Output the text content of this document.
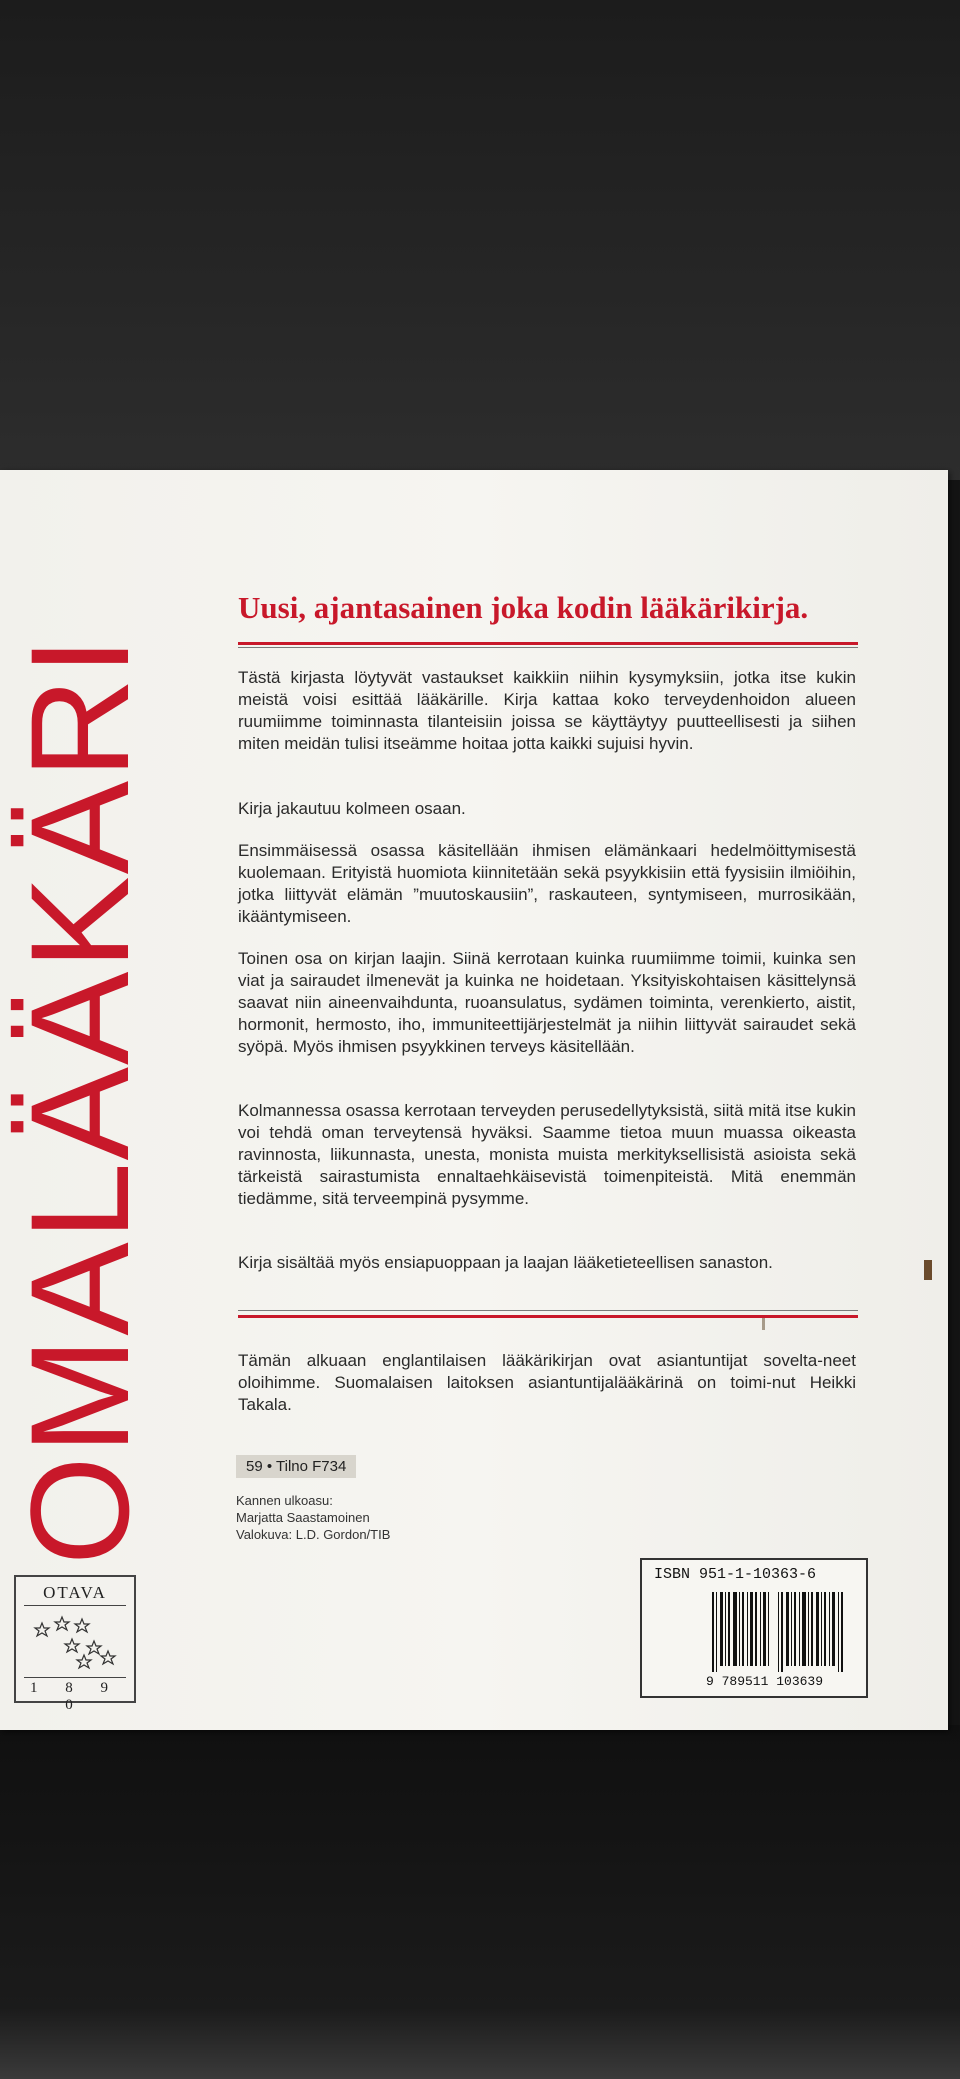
OMALÄÄKÄRI
Uusi, ajantasainen joka kodin lääkärikirja.

Tästä kirjasta löytyvät vastaukset kaikkiin niihin kysymyksiin, jotka itse kukin meistä voisi esittää lääkärille. Kirja kattaa koko terveydenhoidon alueen ruumiimme toiminnasta tilanteisiin joissa se käyttäytyy puutteellisesti ja siihen miten meidän tulisi itseämme hoitaa jotta kaikki sujuisi hyvin.

Kirja jakautuu kolmeen osaan.

Ensimmäisessä osassa käsitellään ihmisen elämänkaari hedelmöittymisestä kuolemaan. Erityistä huomiota kiinnitetään sekä psyykkisiin että fyysisiin ilmiöihin, jotka liittyvät elämän ”muutoskausiin”, raskauteen, syntymiseen, murrosikään, ikääntymiseen.

Toinen osa on kirjan laajin. Siinä kerrotaan kuinka ruumiimme toimii, kuinka sen viat ja sairaudet ilmenevät ja kuinka ne hoidetaan. Yksityiskohtaisen käsittelynsä saavat niin aineenvaihdunta, ruoansulatus, sydämen toiminta, verenkierto, aistit, hormonit, hermosto, iho, immuniteettijärjestelmät ja niihin liittyvät sairaudet sekä syöpä. Myös ihmisen psyykkinen terveys käsitellään.

Kolmannessa osassa kerrotaan terveyden perusedellytyksistä, siitä mitä itse kukin voi tehdä oman terveytensä hyväksi. Saamme tietoa muun muassa oikeasta ravinnosta, liikunnasta, unesta, monista muista merkityksellisistä asioista sekä tärkeistä sairastumista ennaltaehkäisevistä toimenpiteistä. Mitä enemmän tiedämme, sitä terveempinä pysymme.

Kirja sisältää myös ensiapuoppaan ja laajan lääketieteellisen sanaston.

Tämän alkuaan englantilaisen lääkärikirjan ovat asiantuntijat sovelta-neet oloihimme. Suomalaisen laitoksen asiantuntijalääkärinä on toimi-nut Heikki Takala.

59 • Tilno F734
Kannen ulkoasu:
Marjatta Saastamoinen
Valokuva: L.D. Gordon/TIB
OTAVA
1 8 9 0
ISBN 951-1-10363-6
9 789511 103639
